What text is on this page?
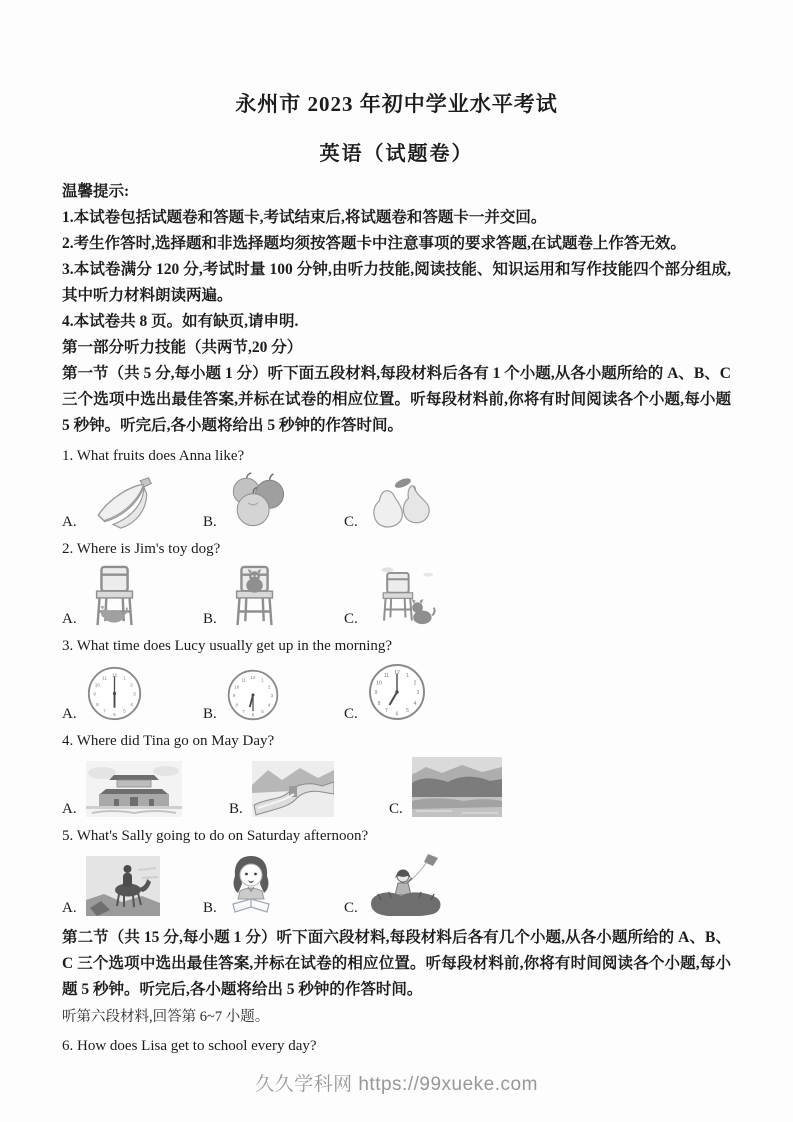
永州市 2023 年初中学业水平考试
英语（试题卷）

温馨提示:

1.本试卷包括试题卷和答题卡,考试结束后,将试题卷和答题卡一并交回。

2.考生作答时,选择题和非选择题均须按答题卡中注意事项的要求答题,在试题卷上作答无效。

3.本试卷满分 120 分,考试时量 100 分钟,由听力技能,阅读技能、知识运用和写作技能四个部分组成,其中听力材料朗读两遍。

4.本试卷共 8 页。如有缺页,请申明.

第一部分听力技能（共两节,20 分）

第一节（共 5 分,每小题 1 分）听下面五段材料,每段材料后各有 1 个小题,从各小题所给的 A、B、C 三个选项中选出最佳答案,并标在试卷的相应位置。听每段材料前,你将有时间阅读各个小题,每小题 5 秒钟。听完后,各小题将给出 5 秒钟的作答时间。

1. What fruits does Anna like?

A.	B.	C.

2. Where is Jim's toy dog?

A.	B.	C.

3. What time does Lucy usually get up in the morning?

A.	B.	C.

4. Where did Tina go on May Day?

A.	B.	C.

5. What's Sally going to do on Saturday afternoon?

A.	B.	C.

第二节（共 15 分,每小题 1 分）听下面六段材料,每段材料后各有几个小题,从各小题所给的 A、B、C 三个选项中选出最佳答案,并标在试卷的相应位置。听每段材料前,你将有时间阅读各个小题,每小题 5 秒钟。听完后,各小题将给出 5 秒钟的作答时间。

听第六段材料,回答第 6~7 小题。

6. How does Lisa get to school every day?

久久学科网 https://99xueke.com
